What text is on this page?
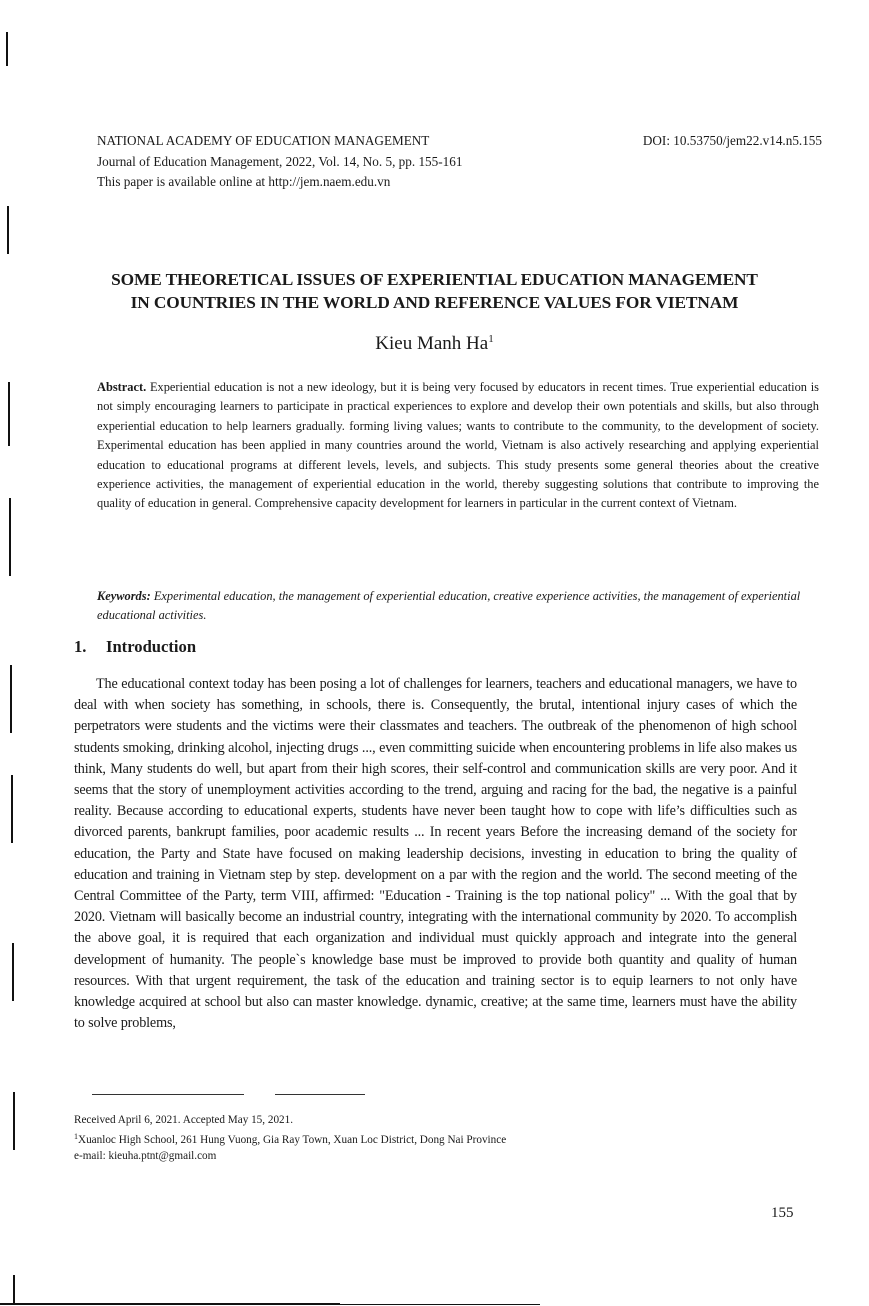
NATIONAL ACADEMY OF EDUCATION MANAGEMENT
Journal of Education Management, 2022, Vol. 14, No. 5, pp. 155-161
This paper is available online at http://jem.naem.edu.vn
DOI: 10.53750/jem22.v14.n5.155
SOME THEORETICAL ISSUES OF EXPERIENTIAL EDUCATION MANAGEMENT
IN COUNTRIES IN THE WORLD AND REFERENCE VALUES FOR VIETNAM
Kieu Manh Ha$^1$
Abstract. Experiential education is not a new ideology, but it is being very focused by educators in recent times. True experiential education is not simply encouraging learners to participate in practical experiences to explore and develop their own potentials and skills, but also through experiential education to help learners gradually. forming living values; wants to contribute to the community, to the development of society. Experimental education has been applied in many countries around the world, Vietnam is also actively researching and applying experiential education to educational programs at different levels, levels, and subjects. This study presents some general theories about the creative experience activities, the management of experiential education in the world, thereby suggesting solutions that contribute to improving the quality of education in general. Comprehensive capacity development for learners in particular in the current context of Vietnam.
Keywords: Experimental education, the management of experiential education, creative experience activities, the management of experiential educational activities.
1. Introduction
The educational context today has been posing a lot of challenges for learners, teachers and educational managers, we have to deal with when society has something, in schools, there is. Consequently, the brutal, intentional injury cases of which the perpetrators were students and the victims were their classmates and teachers. The outbreak of the phenomenon of high school students smoking, drinking alcohol, injecting drugs ..., even committing suicide when encountering problems in life also makes us think, Many students do well, but apart from their high scores, their self-control and communication skills are very poor. And it seems that the story of unemployment activities according to the trend, arguing and racing for the bad, the negative is a painful reality. Because according to educational experts, students have never been taught how to cope with life’s difficulties such as divorced parents, bankrupt families, poor academic results ... In recent years Before the increasing demand of the society for education, the Party and State have focused on making leadership decisions, investing in education to bring the quality of education and training in Vietnam step by step. development on a par with the region and the world. The second meeting of the Central Committee of the Party, term VIII, affirmed: "Education - Training is the top national policy" ... With the goal that by 2020. Vietnam will basically become an industrial country, integrating with the international community by 2020. To accomplish the above goal, it is required that each organization and individual must quickly approach and integrate into the general development of humanity. The people`s knowledge base must be improved to provide both quantity and quality of human resources. With that urgent requirement, the task of the education and training sector is to equip learners to not only have knowledge acquired at school but also can master knowledge. dynamic, creative; at the same time, learners must have the ability to solve problems,
Received April 6, 2021. Accepted May 15, 2021.
$^1$Xuanloc High School, 261 Hung Vuong, Gia Ray Town, Xuan Loc District, Dong Nai Province
e-mail: kieuha.ptnt@gmail.com
155
